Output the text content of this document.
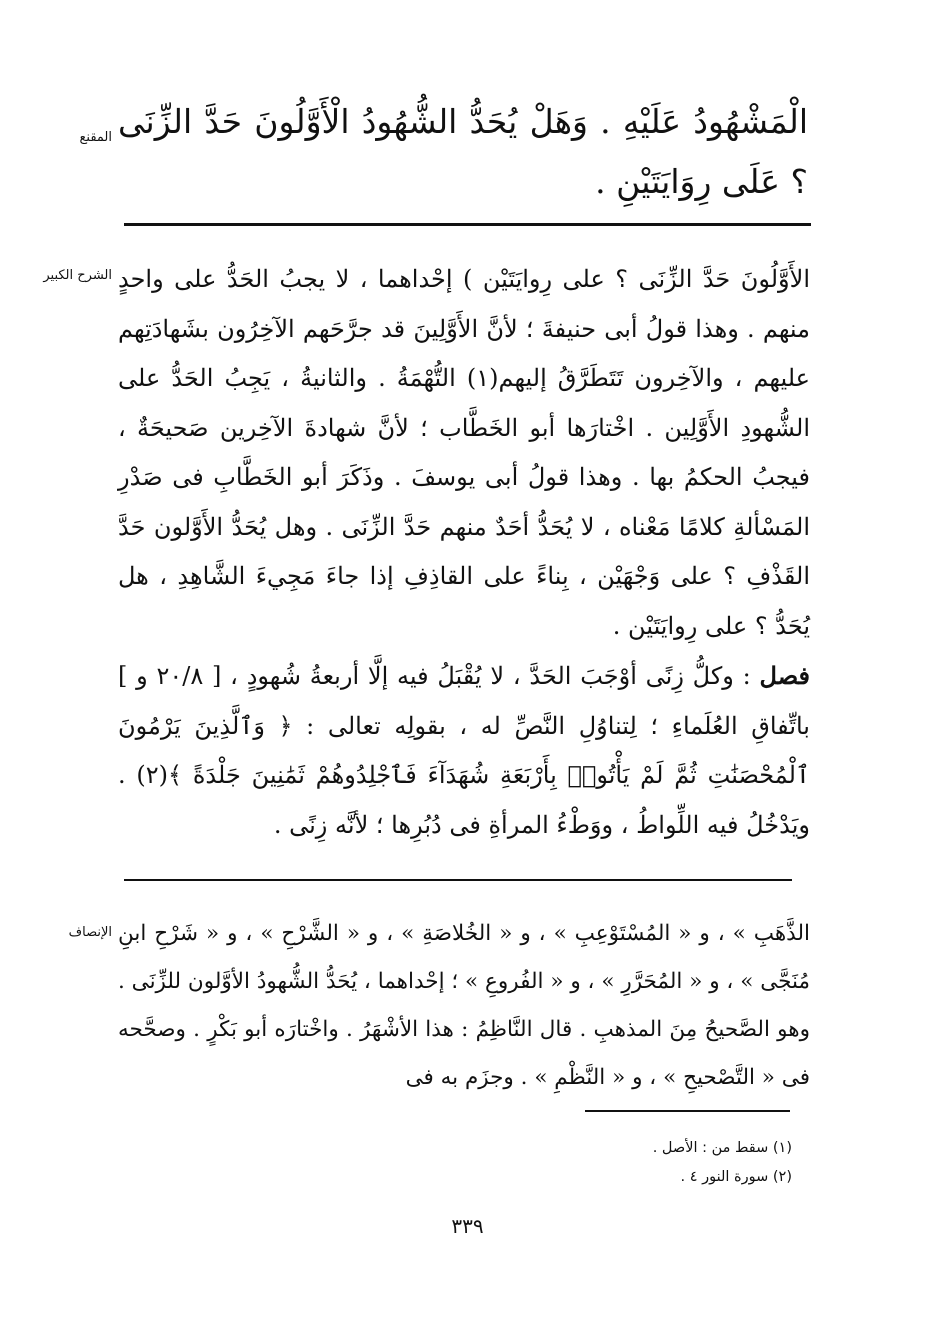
المقنع الْمَشْهُودُ عَلَيْهِ . وَهَلْ يُحَدُّ الشُّهُودُ الْأَوَّلُونَ حَدَّ الزِّنَى ؟ عَلَى رِوَايَتَيْنِ .
الشرح الكبير الأَوَّلُونَ حَدَّ الزِّنَى ؟ على رِوايَتَيْن ) إحْداهما ، لا يجبُ الحَدُّ على واحدٍ منهم . وهذا قولُ أبى حنيفةَ ؛ لأنَّ الأَوَّلِينَ قد جرَّحَهم الآخِرُون بشَهادَتِهم عليهم ، والآخِرون تَتَطَرَّقُ إليهم(١) التُّهْمَةُ . والثانيةُ ، يَجِبُ الحَدُّ على الشُّهودِ الأَوَّلِين . اخْتارَها أبو الخَطَّاب ؛ لأنَّ شهادةَ الآخِرين صَحيحَةٌ ، فيجبُ الحكمُ بها . وهذا قولُ أبى يوسفَ . وذَكَرَ أبو الخَطَّابِ فى صَدْرِ المَسْألةِ كلامًا مَعْناه ، لا يُحَدُّ أحَدٌ منهم حَدَّ الزِّنَى . وهل يُحَدُّ الأَوَّلون حَدَّ القَذْفِ ؟ على وَجْهَيْن ، بِناءً على القاذِفِ إذا جاءَ مَجِيءَ الشَّاهِدِ ، هل يُحَدُّ ؟ على رِوايَتَيْن .

فصل : وكلُّ زِنًى أوْجَبَ الحَدَّ ، لا يُقْبَلُ فيه إلَّا أربعةُ شُهودٍ ، [ ٢٠/٨ و ] باتِّفاقِ العُلَماءِ ؛ لِتناوُلِ النَّصِّ له ، بقولِه تعالى : ﴿ وَٱلَّذِينَ يَرْمُونَ ٱلْمُحْصَنَٰتِ ثُمَّ لَمْ يَأْتُوا۟ بِأَرْبَعَةِ شُهَدَآءَ فَٱجْلِدُوهُمْ ثَمَٰنِينَ جَلْدَةً ﴾(٢) . ويَدْخُلُ فيه اللِّواطُ ، ووَطْءُ المرأةِ فى دُبُرِها ؛ لأنَّه زِنًى .

الإنصاف الذَّهَبِ » ، و « المُسْتَوْعِبِ » ، و « الخُلاصَةِ » ، و « الشَّرْحِ » ، و « شَرْحِ ابنِ مُنَجَّى » ، و « المُحَرَّرِ » ، و « الفُروعِ » ؛ إحْداهما ، يُحَدُّ الشُّهودُ الأوَّلون للزِّنَى . وهو الصَّحيحُ مِنَ المذهبِ . قال النَّاظِمُ : هذا الأشْهَرُ . واخْتارَه أبو بَكْرٍ . وصحَّحه فى « التَّصْحيحِ » ، و « النَّظْمِ » . وجزَم به فى
(١) سقط من : الأصل .
(٢) سورة النور ٤ .
٣٣٩
